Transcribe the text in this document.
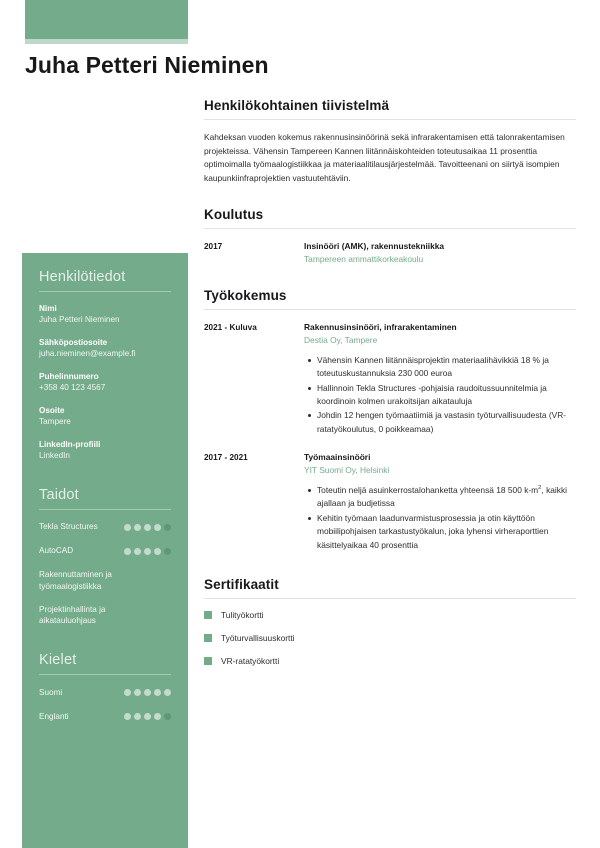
Juha Petteri Nieminen
Henkilötiedot
Nimi
Juha Petteri Nieminen
Sähköpostiosoite
juha.nieminen@example.fi
Puhelinnumero
+358 40 123 4567
Osoite
Tampere
LinkedIn-profiili
LinkedIn
Taidot
Tekla Structures
AutoCAD
Rakennuttaminen ja työmaalogistiikka
Projektinhallinta ja aikatauluohjaus
Kielet
Suomi
Englanti
Henkilökohtainen tiivistelmä

Kahdeksan vuoden kokemus rakennusinsinöörinä sekä infrarakentamisen että talonrakentamisen projekteissa. Vähensin Tampereen Kannen liitännäiskohteiden toteutusaikaa 11 prosenttia optimoimalla työmaalogistiikkaa ja materiaalitilausjärjestelmää. Tavoitteenani on siirtyä isompien kaupunkiinfraprojektien vastuutehtäviin.

Koulutus
2017	Insinööri (AMK), rakennustekniikka
Tampereen ammattikorkeakoulu
Työkokemus
2021 - Kuluva	Rakennusinsinööri, infrarakentaminen
Destia Oy, Tampere
Vähensin Kannen liitännäisprojektin materiaalihävikkiä 18 % ja toteutuskustannuksia 230 000 euroa
Hallinnoin Tekla Structures -pohjaisia raudoitussuunnitelmia ja koordinoin kolmen urakoitsijan aikatauluja
Johdin 12 hengen työmaatiimiä ja vastasin työturvallisuudesta (VR-ratatyökoulutus, 0 poikkeamaa)
2017 - 2021	Työmaainsinööri
YIT Suomi Oy, Helsinki
Toteutin neljä asuinkerrostalohanketta yhteensä 18 500 $k-m^2$, kaikki ajallaan ja budjetissa
Kehitin työmaan laadunvarmistusprosessia ja otin käyttöön mobiilipohjaisen tarkastustyökalun, joka lyhensi virheraporttien käsittelyaikaa 40 prosenttia
Sertifikaatit
Tulityökortti
Työturvallisuuskortti
VR-ratatyökortti
